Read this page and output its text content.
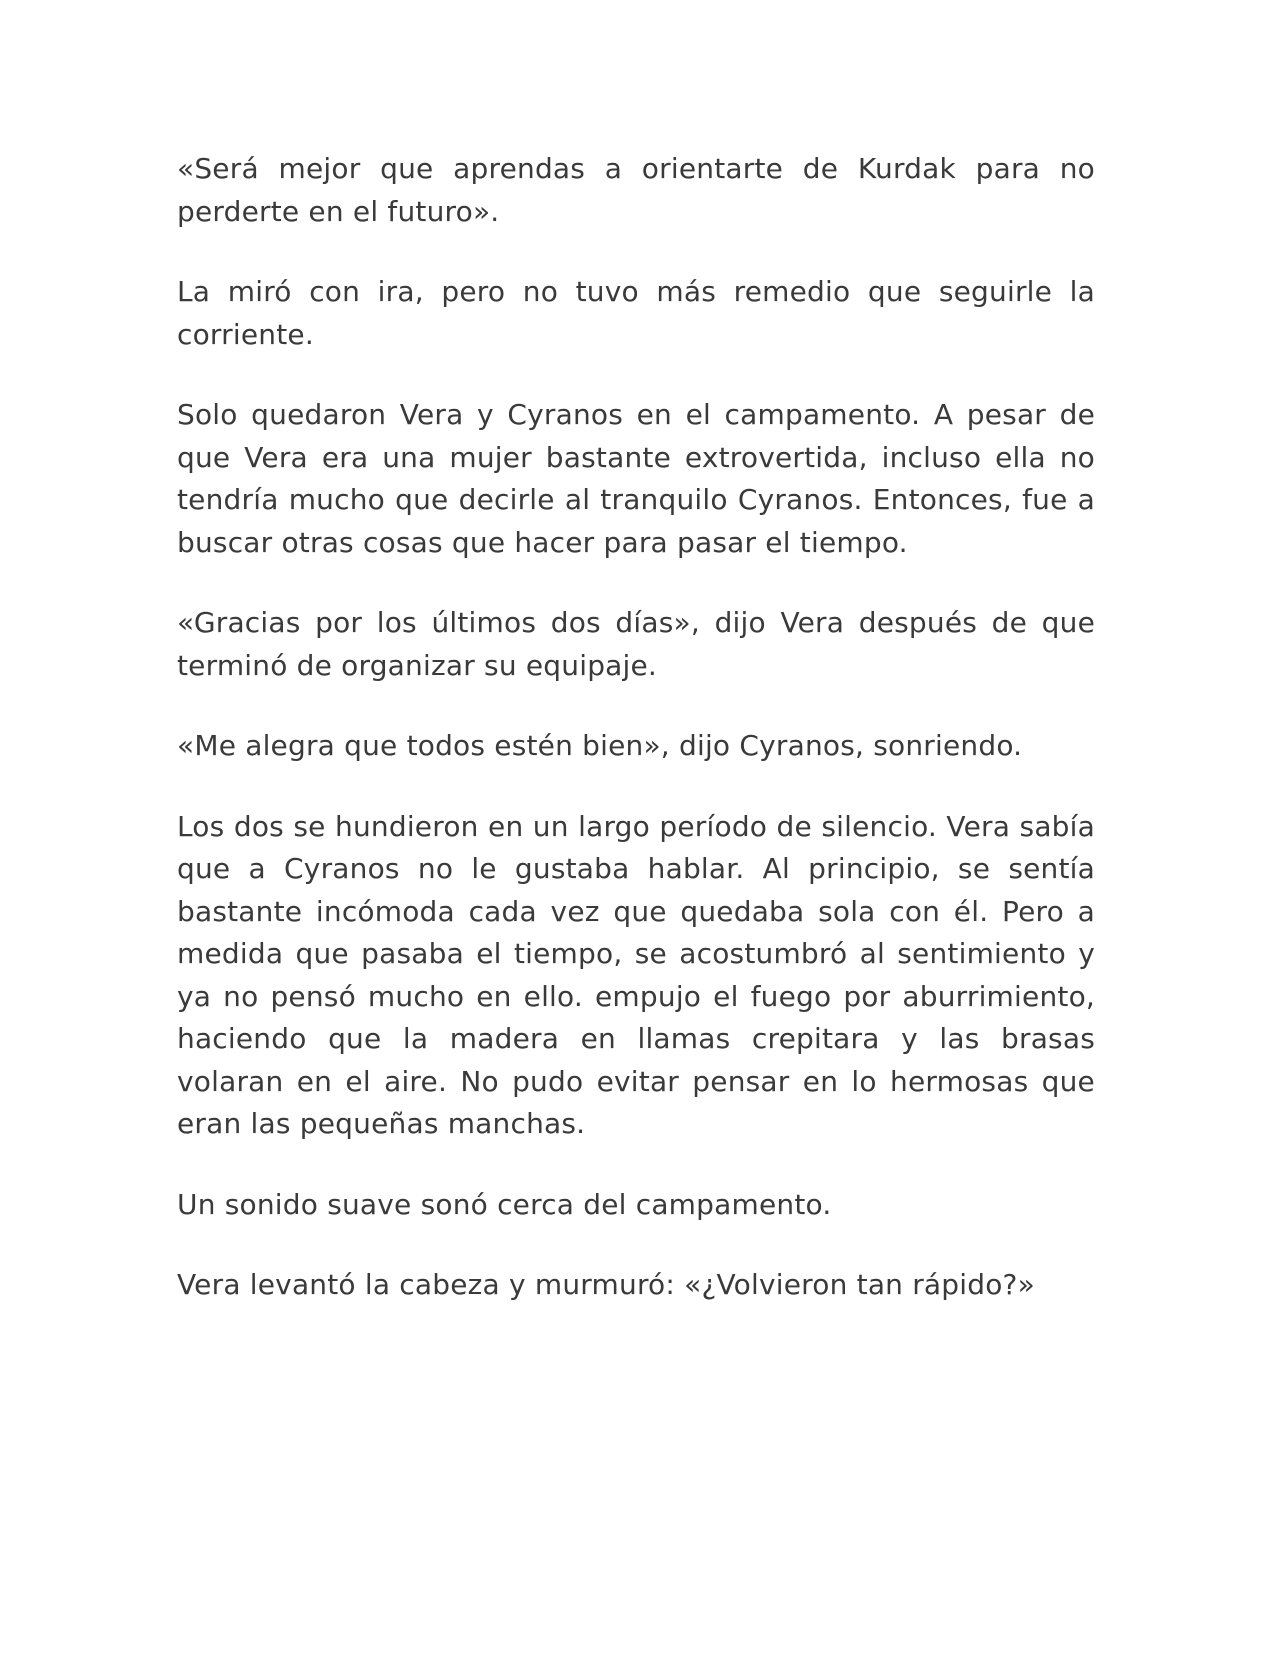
«Será mejor que aprendas a orientarte de Kurdak para no perderte en el futuro».

La miró con ira, pero no tuvo más remedio que seguirle la corriente.

Solo quedaron Vera y Cyranos en el campamento. A pesar de que Vera era una mujer bastante extrovertida, incluso ella no tendría mucho que decirle al tranquilo Cyranos. Entonces, fue a buscar otras cosas que hacer para pasar el tiempo.

«Gracias por los últimos dos días», dijo Vera después de que terminó de organizar su equipaje.

«Me alegra que todos estén bien», dijo Cyranos, sonriendo.

Los dos se hundieron en un largo período de silencio. Vera sabía que a Cyranos no le gustaba hablar. Al principio, se sentía bastante incómoda cada vez que quedaba sola con él. Pero a medida que pasaba el tiempo, se acostumbró al sentimiento y ya no pensó mucho en ello. empujo el fuego por aburrimiento, haciendo que la madera en llamas crepitara y las brasas volaran en el aire. No pudo evitar pensar en lo hermosas que eran las pequeñas manchas.

Un sonido suave sonó cerca del campamento.

Vera levantó la cabeza y murmuró: «¿Volvieron tan rápido?»
